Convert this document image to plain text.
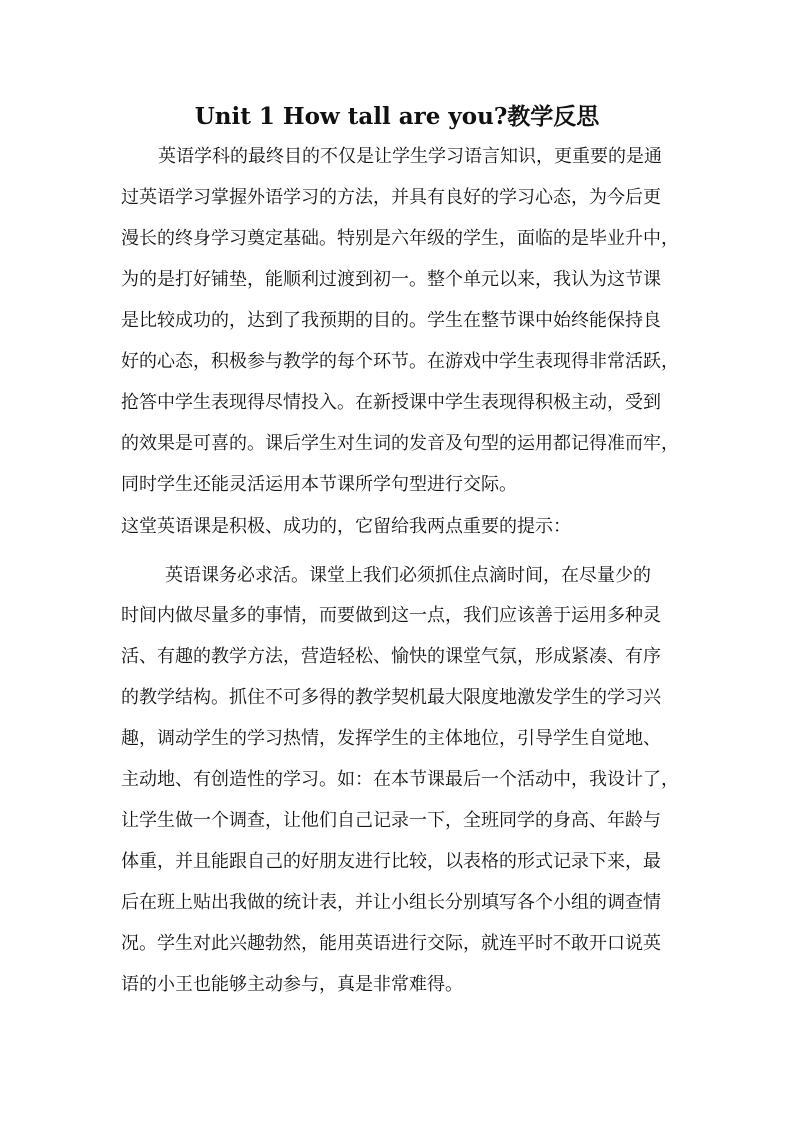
Unit 1 How tall are you?教学反思

英语学科的最终目的不仅是让学生学习语言知识，更重要的是通

过英语学习掌握外语学习的方法，并具有良好的学习心态，为今后更

漫长的终身学习奠定基础。特别是六年级的学生，面临的是毕业升中，

为的是打好铺垫，能顺利过渡到初一。整个单元以来，我认为这节课

是比较成功的，达到了我预期的目的。学生在整节课中始终能保持良

好的心态，积极参与教学的每个环节。在游戏中学生表现得非常活跃，

抢答中学生表现得尽情投入。在新授课中学生表现得积极主动，受到

的效果是可喜的。课后学生对生词的发音及句型的运用都记得准而牢，

同时学生还能灵活运用本节课所学句型进行交际。

这堂英语课是积极、成功的，它留给我两点重要的提示：

英语课务必求活。课堂上我们必须抓住点滴时间，在尽量少的

时间内做尽量多的事情，而要做到这一点，我们应该善于运用多种灵

活、有趣的教学方法，营造轻松、愉快的课堂气氛，形成紧凑、有序

的教学结构。抓住不可多得的教学契机最大限度地激发学生的学习兴

趣，调动学生的学习热情，发挥学生的主体地位，引导学生自觉地、

主动地、有创造性的学习。如：在本节课最后一个活动中，我设计了，

让学生做一个调查，让他们自己记录一下，全班同学的身高、年龄与

体重，并且能跟自己的好朋友进行比较，以表格的形式记录下来，最

后在班上贴出我做的统计表，并让小组长分别填写各个小组的调查情

况。学生对此兴趣勃然，能用英语进行交际，就连平时不敢开口说英

语的小王也能够主动参与，真是非常难得。
